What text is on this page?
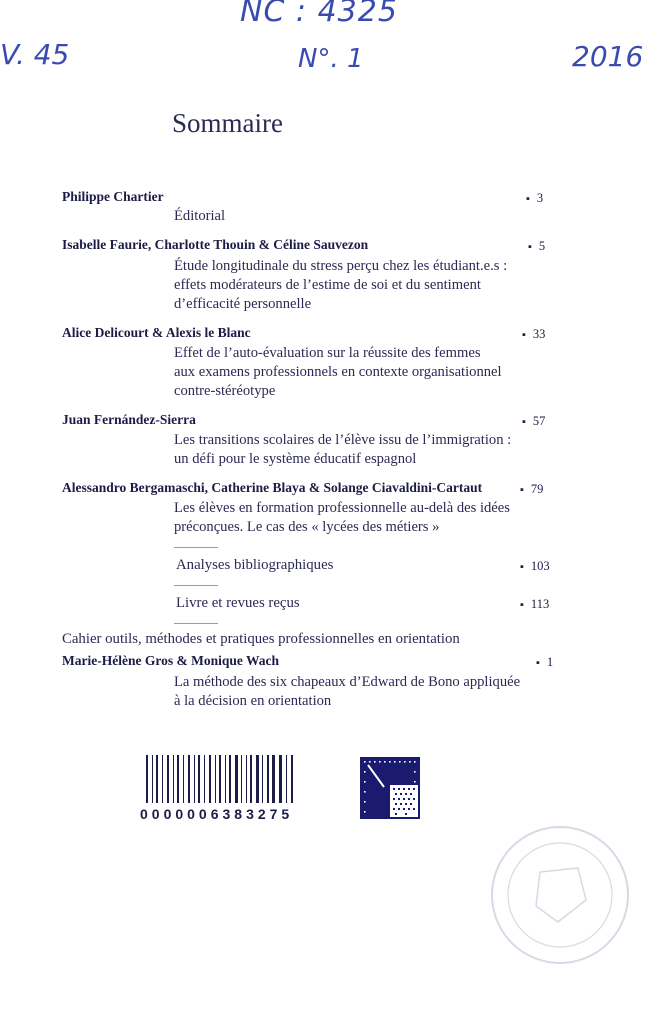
NC : 4325
V. 45	N°. 1	2016
Sommaire
Philippe Chartier	▪ 3
Éditorial
Isabelle Faurie, Charlotte Thouin & Céline Sauvezon	▪ 5
Étude longitudinale du stress perçu chez les étudiant.e.s :
effets modérateurs de l’estime de soi et du sentiment
d’efficacité personnelle
Alice Delicourt & Alexis le Blanc	▪ 33
Effet de l’auto-évaluation sur la réussite des femmes
aux examens professionnels en contexte organisationnel
contre-stéréotype
Juan Fernández-Sierra	▪ 57
Les transitions scolaires de l’élève issu de l’immigration :
un défi pour le système éducatif espagnol
Alessandro Bergamaschi, Catherine Blaya & Solange Ciavaldini-Cartaut	▪ 79
Les élèves en formation professionnelle au-delà des idées
préconçues. Le cas des « lycées des métiers »
Analyses bibliographiques	▪ 103
Livre et revues reçus	▪ 113
Cahier outils, méthodes et pratiques professionnelles en orientation
Marie-Hélène Gros & Monique Wach	▪ 1
La méthode des six chapeaux d’Edward de Bono appliquée
à la décision en orientation
0000006383275
